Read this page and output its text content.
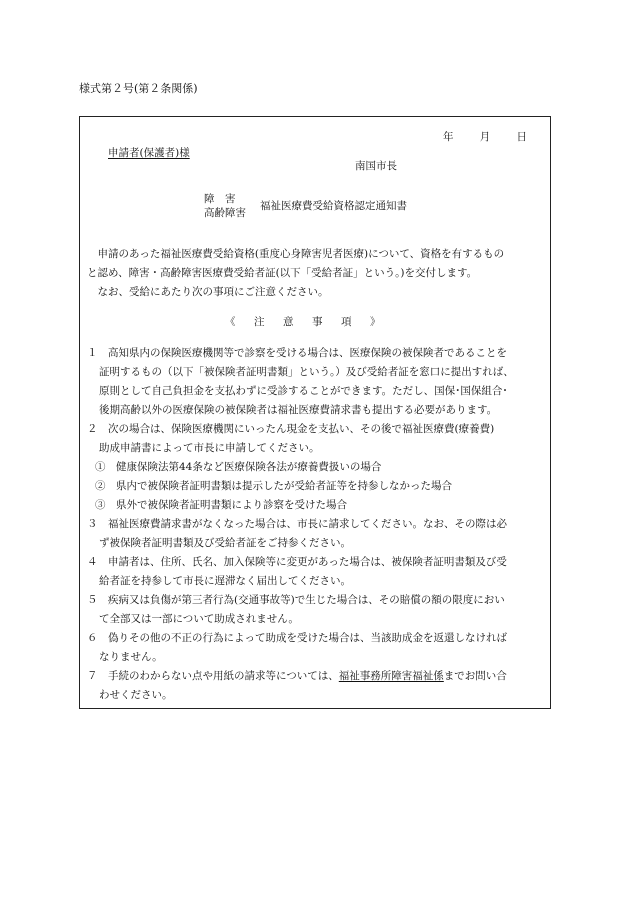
様式第２号(第２条関係)
年	月	日
申請者(保護者)様
南国市長
障　害
高齢障害
福祉医療費受給資格認定通知書

　申請のあった福祉医療費受給資格(重度心身障害児者医療)について、資格を有するもの

と認め、障害・高齢障害医療費受給者証(以下「受給者証」という。)を交付します。

　なお、受給にあたり次の事項にご注意ください。

《　注　意　事　項　》

１　高知県内の保険医療機関等で診察を受ける場合は、医療保険の被保険者であることを

証明するもの（以下「被保険者証明書類」という。）及び受給者証を窓口に提出すれば、

原則として自己負担金を支払わずに受診することができます。ただし、国保･国保組合･

後期高齢以外の医療保険の被保険者は福祉医療費請求書も提出する必要があります。

２　次の場合は、保険医療機関にいったん現金を支払い、その後で福祉医療費(療養費)

助成申請書によって市長に申請してください。

①　健康保険法第44条など医療保険各法が療養費扱いの場合

②　県内で被保険者証明書類は提示したが受給者証等を持参しなかった場合

③　県外で被保険者証明書類により診察を受けた場合

３　福祉医療費請求書がなくなった場合は、市長に請求してください。なお、その際は必

ず被保険者証明書類及び受給者証をご持参ください。

４　申請者は、住所、氏名、加入保険等に変更があった場合は、被保険者証明書類及び受

給者証を持参して市長に遅滞なく届出してください。

５　疾病又は負傷が第三者行為(交通事故等)で生じた場合は、その賠償の額の限度におい

て全部又は一部について助成されません。

６　偽りその他の不正の行為によって助成を受けた場合は、当該助成金を返還しなければ

なりません。

７　手続のわからない点や用紙の請求等については、福祉事務所障害福祉係までお問い合

わせください。
